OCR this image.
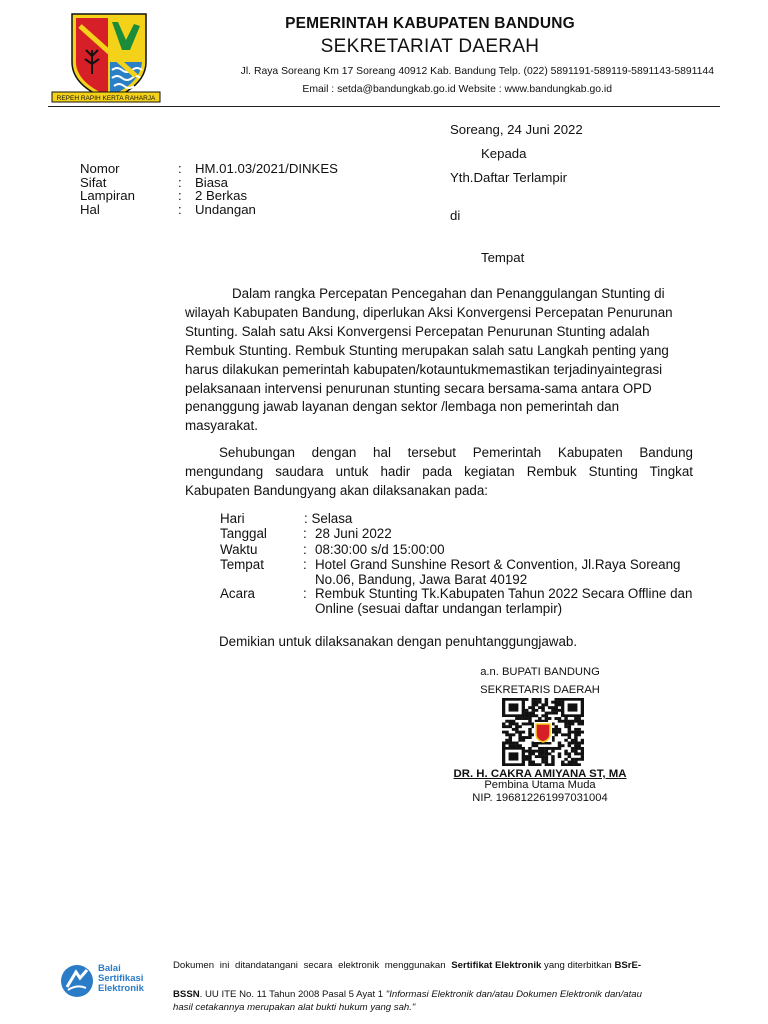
REPEH RAPIH KERTA RAHARJA
PEMERINTAH KABUPATEN BANDUNG
SEKRETARIAT DAERAH
Jl. Raya Soreang Km 17 Soreang 40912 Kab. Bandung Telp. (022) 5891191-589119-5891143-5891144
Email : setda@bandungkab.go.id Website : www.bandungkab.go.id
Soreang, 24 Juni 2022
Kepada
Yth.Daftar Terlampir
di
Tempat
Nomor	: HM.01.03/2021/DINKES
Sifat	: Biasa
Lampiran	: 2 Berkas
Hal	: Undangan
Dalam rangka Percepatan Pencegahan dan Penanggulangan Stunting di wilayah Kabupaten Bandung, diperlukan Aksi Konvergensi Percepatan Penurunan Stunting. Salah satu Aksi Konvergensi Percepatan Penurunan Stunting adalah Rembuk Stunting. Rembuk Stunting merupakan salah satu Langkah penting yang harus dilakukan pemerintah kabupaten/kotauntukmemastikan terjadinyaintegrasi pelaksanaan intervensi penurunan stunting secara bersama-sama antara OPD penanggung jawab layanan dengan sektor /lembaga non pemerintah dan masyarakat.
Sehubungan dengan hal tersebut Pemerintah Kabupaten Bandung mengundang saudara untuk hadir pada kegiatan Rembuk Stunting Tingkat Kabupaten Bandungyang akan dilaksanakan pada:
Hari	: Selasa
Tanggal	: 28 Juni 2022
Waktu	: 08:30:00 s/d 15:00:00
Tempat	: Hotel Grand Sunshine Resort & Convention, Jl.Raya Soreang No.06, Bandung, Jawa Barat 40192
Acara	: Rembuk Stunting Tk.Kabupaten Tahun 2022 Secara Offline dan Online (sesuai daftar undangan terlampir)
Demikian untuk dilaksanakan dengan penuhtanggungjawab.
a.n. BUPATI BANDUNG
SEKRETARIS DAERAH
DR. H. CAKRA AMIYANA ST, MA
Pembina Utama Muda
NIP. 196812261997031004
Balai Sertifikasi Elektronik
Dokumen ini ditandatangani secara elektronik menggunakan Sertifikat Elektronik yang diterbitkan BSrE-
BSSN. UU ITE No. 11 Tahun 2008 Pasal 5 Ayat 1 "Informasi Elektronik dan/atau Dokumen Elektronik dan/atau
hasil cetakannya merupakan alat bukti hukum yang sah."
